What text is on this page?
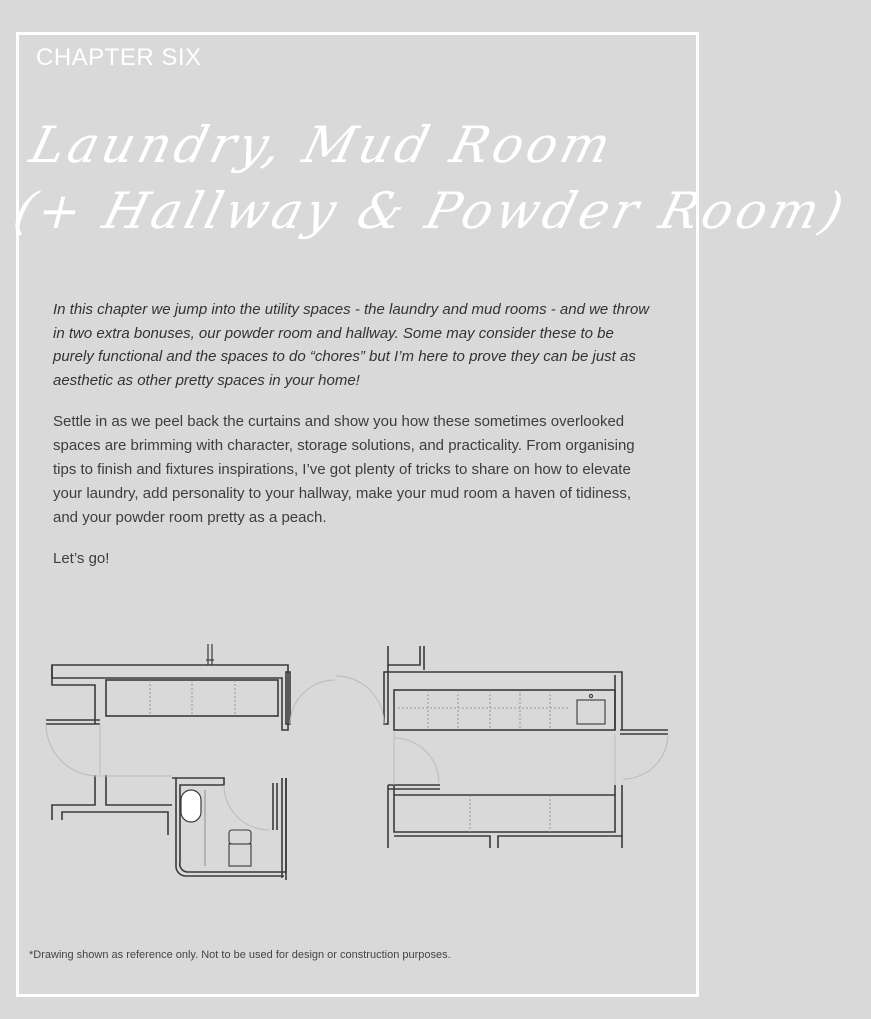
CHAPTER SIX
Laundry, Mud Room
(+ Hallway & Powder Room)

In this chapter we jump into the utility spaces - the laundry and mud rooms - and we throw in two extra bonuses, our powder room and hallway. Some may consider these to be purely functional and the spaces to do “chores” but I’m here to prove they can be just as aesthetic as other pretty spaces in your home!

Settle in as we peel back the curtains and show you how these sometimes overlooked spaces are brimming with character, storage solutions, and practicality. From organising tips to finish and fixtures inspirations, I’ve got plenty of tricks to share on how to elevate your laundry, add personality to your hallway, make your mud room a haven of tidiness, and your powder room pretty as a peach.

Let’s go!

*Drawing shown as reference only. Not to be used for design or construction purposes.
